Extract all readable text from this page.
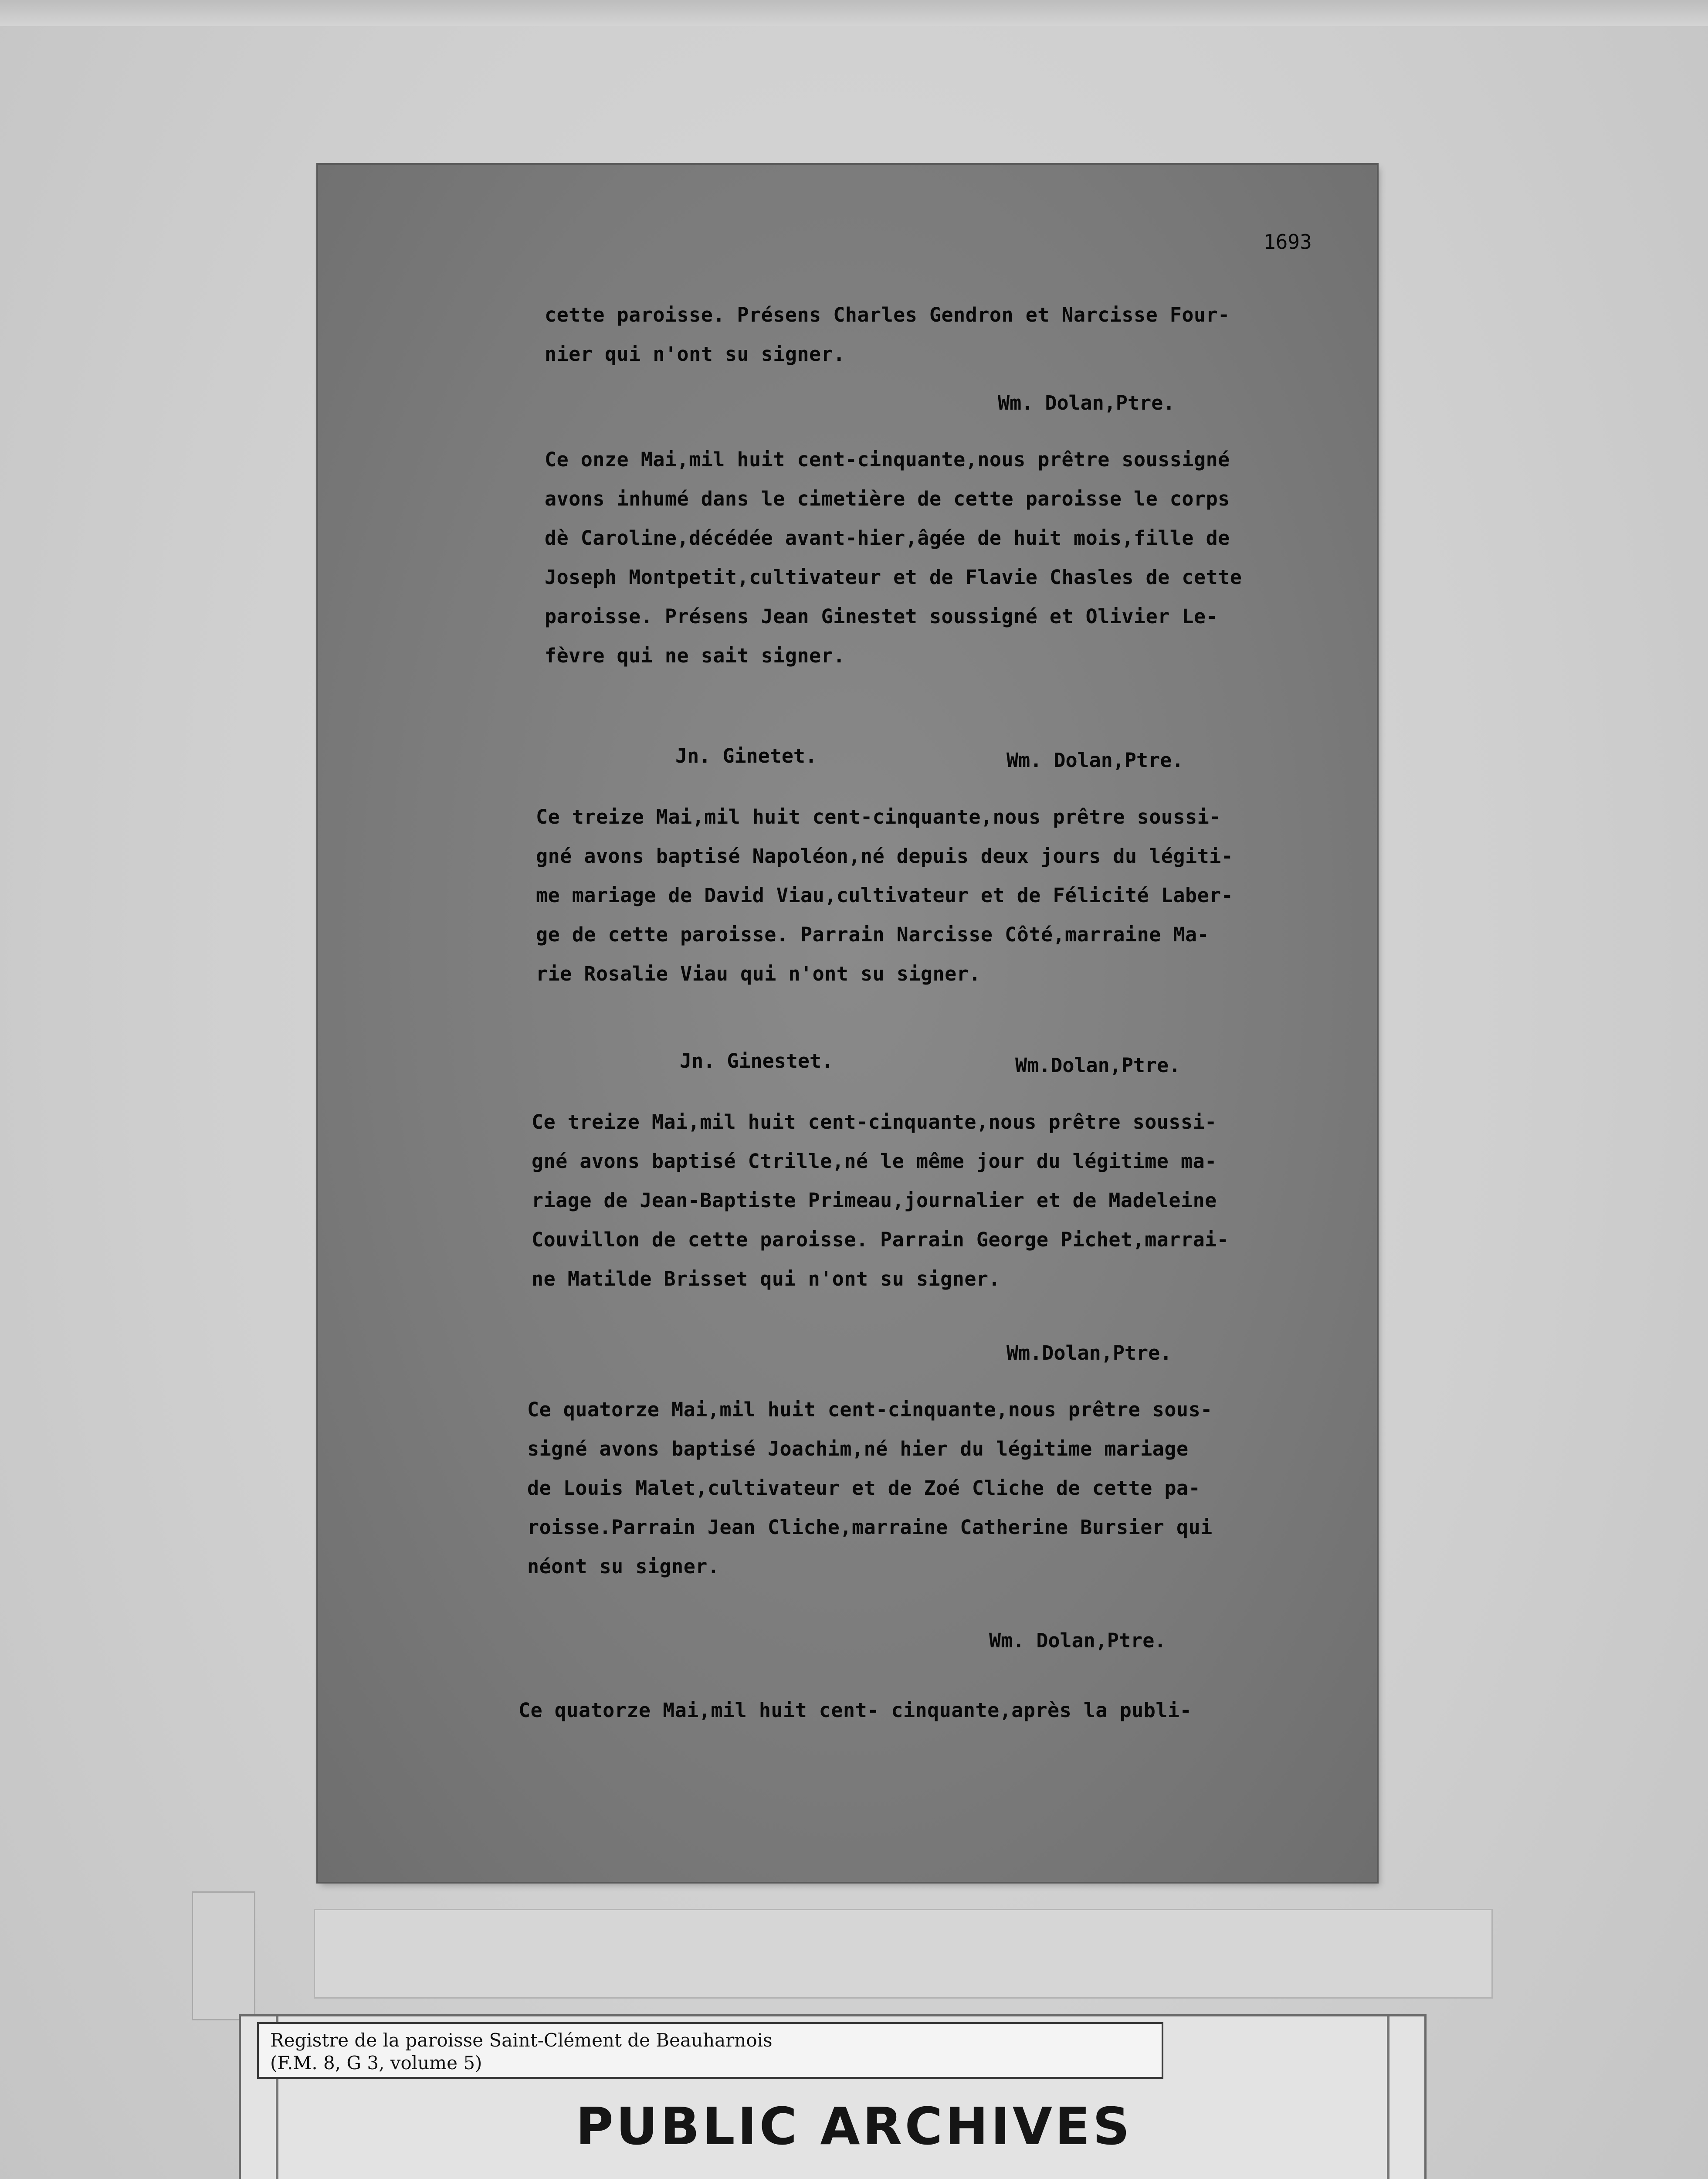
1693
cette paroisse. Présens Charles Gendron et Narcisse Four-
nier qui n'ont su signer.
Wm. Dolan,Ptre.
Ce onze Mai,mil huit cent-cinquante,nous prêtre soussigné
avons inhumé dans le cimetière de cette paroisse le corps
dè Caroline,décédée avant-hier,âgée de huit mois,fille de
Joseph Montpetit,cultivateur et de Flavie Chasles de cette
paroisse. Présens Jean Ginestet soussigné et Olivier Le-
fèvre qui ne sait signer.
Jn. Ginetet.	Wm. Dolan,Ptre.
Ce treize Mai,mil huit cent-cinquante,nous prêtre soussi-
gné avons baptisé Napoléon,né depuis deux jours du légiti-
me mariage de David Viau,cultivateur et de Félicité Laber-
ge de cette paroisse. Parrain Narcisse Côté,marraine Ma-
rie Rosalie Viau qui n'ont su signer.
Jn. Ginestet.	Wm.Dolan,Ptre.
Ce treize Mai,mil huit cent-cinquante,nous prêtre soussi-
gné avons baptisé Ctrille,né le même jour du légitime ma-
riage de Jean-Baptiste Primeau,journalier et de Madeleine
Couvillon de cette paroisse. Parrain George Pichet,marrai-
ne Matilde Brisset qui n'ont su signer.
Wm.Dolan,Ptre.
Ce quatorze Mai,mil huit cent-cinquante,nous prêtre sous-
signé avons baptisé Joachim,né hier du légitime mariage
de Louis Malet,cultivateur et de Zoé Cliche de cette pa-
roisse.Parrain Jean Cliche,marraine Catherine Bursier qui
néont su signer.
Wm. Dolan,Ptre.
Ce quatorze Mai,mil huit cent- cinquante,après la publi-
Registre de la paroisse Saint-Clément de Beauharnois
(F.M. 8, G 3, volume 5)
PUBLIC ARCHIVES
